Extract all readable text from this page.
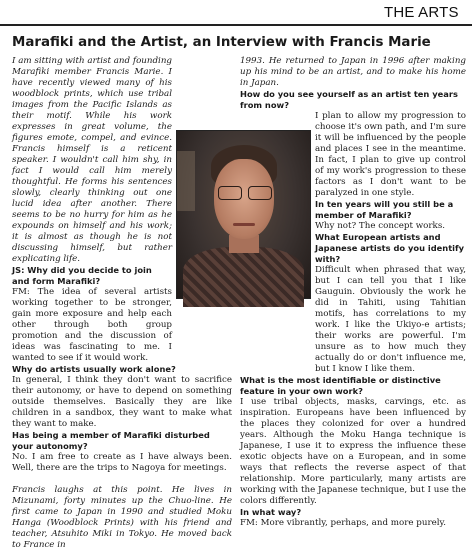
THE ARTS
Marafiki and the Artist, an Interview with Francis Marie

I am sitting with artist and founding Marafiki member Francis Marie. I have recently viewed many of his woodblock prints, which use tribal images from the Pacific Islands as their motif. While his work expresses in great volume, the figures emote, compel, and evince. Francis himself is a reticent speaker. I wouldn't call him shy, in fact I would call him merely thoughtful. He forms his sentences slowly, clearly thinking out one lucid idea after another. There seems to be no hurry for him as he expounds on himself and his work; it is almost as though he is not discussing himself, but rather explicating life.

JS: Why did you decide to join and form Marafiki?

FM: The idea of several artists working together to be stronger, gain more exposure and help each other through both group promotion and the discussion of ideas was fascinating to me. I wanted to see if it would work.

Why do artists usually work alone?

In general, I think they don't want to sacrifice their autonomy, or have to depend on something outside themselves. Basically they are like children in a sandbox, they want to make what they want to make.

Has being a member of Marafiki disturbed your autonomy?

No. I am free to create as I have always been. Well, there are the trips to Nagoya for meetings.

Francis laughs at this point. He lives in Mizunami, forty minutes up the Chuo-line. He first came to Japan in 1990 and studied Moku Hanga (Woodblock Prints) with his friend and teacher, Atsuhito Miki in Tokyo. He moved back to France in

1993. He returned to Japan in 1996 after making up his mind to be an artist, and to make his home in Japan.

How do you see yourself as an artist ten years from now?

I plan to allow my progression to choose it's own path, and I'm sure it will be influenced by the people and places I see in the meantime. In fact, I plan to give up control of my work's progression to these factors as I don't want to be paralyzed in one style.

In ten years will you still be a member of Marafiki?

Why not? The concept works.

What European artists and Japanese artists do you identify with?

Difficult when phrased that way, but I can tell you that I like Gauguin. Obviously the work he did in Tahiti, using Tahitian motifs, has correlations to my work. I like the Ukiyo-e artists; their works are powerful. I'm unsure as to how much they actually do or don't influence me, but I know I like them.

What is the most identifiable or distinctive feature in your own work?

I use tribal objects, masks, carvings, etc. as inspiration. Europeans have been influenced by the places they colonized for over a hundred years. Although the Moku Hanga technique is Japanese, I use it to express the influence these exotic objects have on a European, and in some ways that reflects the reverse aspect of that relationship. More particularly, many artists are working with the Japanese technique, but I use the colors differently.

In what way?

FM: More vibrantly, perhaps, and more purely.
